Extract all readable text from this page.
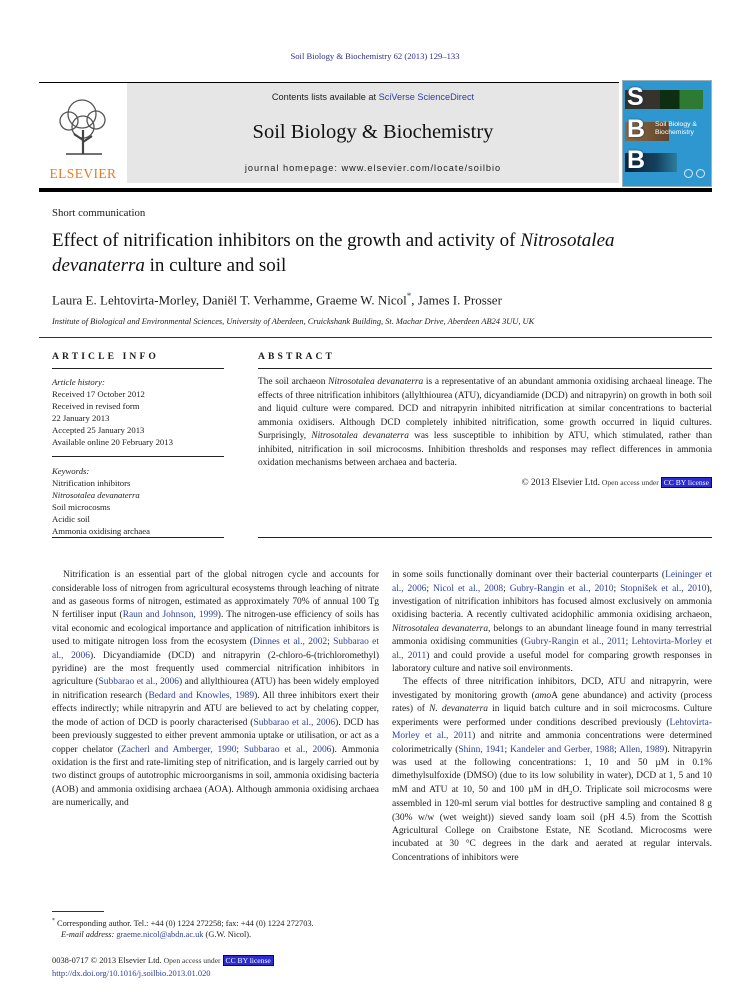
Soil Biology & Biochemistry 62 (2013) 129–133
ELSEVIER
Contents lists available at SciVerse ScienceDirect
Soil Biology & Biochemistry
journal homepage: www.elsevier.com/locate/soilbio
S
B
B
Soil Biology &
Biochemistry
Short communication
Effect of nitrification inhibitors on the growth and activity of Nitrosotalea devanaterra in culture and soil
Laura E. Lehtovirta-Morley, Daniël T. Verhamme, Graeme W. Nicol*, James I. Prosser
Institute of Biological and Environmental Sciences, University of Aberdeen, Cruickshank Building, St. Machar Drive, Aberdeen AB24 3UU, UK
ARTICLE INFO
Article history:
Received 17 October 2012
Received in revised form
22 January 2013
Accepted 25 January 2013
Available online 20 February 2013
Keywords:
Nitrification inhibitors
Nitrosotalea devanaterra
Soil microcosms
Acidic soil
Ammonia oxidising archaea
ABSTRACT
The soil archaeon Nitrosotalea devanaterra is a representative of an abundant ammonia oxidising archaeal lineage. The effects of three nitrification inhibitors (allylthiourea (ATU), dicyandiamide (DCD) and nitrapyrin) on growth in both soil and liquid culture were compared. DCD and nitrapyrin inhibited nitrification at similar concentrations to bacterial ammonia oxidisers. Although DCD completely inhibited nitrification, some growth occurred in liquid cultures. Surprisingly, Nitrosotalea devanaterra was less susceptible to inhibition by ATU, which stimulated, rather than inhibited, nitrification in soil microcosms. Inhibition thresholds and responses may reflect differences in ammonia oxidation mechanisms between archaea and bacteria.
© 2013 Elsevier Ltd. Open access under CC BY license

Nitrification is an essential part of the global nitrogen cycle and accounts for considerable loss of nitrogen from agricultural ecosystems through leaching of nitrate and as gaseous forms of nitrogen, estimated as approximately 70% of annual 100 Tg N fertiliser input (Raun and Johnson, 1999). The nitrogen-use efficiency of soils has vital economic and ecological importance and application of nitrification inhibitors is used to mitigate nitrogen loss from the ecosystem (Dinnes et al., 2002; Subbarao et al., 2006). Dicyandiamide (DCD) and nitrapyrin (2-chloro-6-(trichloromethyl) pyridine) are the most frequently used commercial nitrification inhibitors in agriculture (Subbarao et al., 2006) and allylthiourea (ATU) has been widely employed in nitrification research (Bedard and Knowles, 1989). All three inhibitors exert their effects indirectly; while nitrapyrin and ATU are believed to act by chelating copper, the mode of action of DCD is poorly characterised (Subbarao et al., 2006). DCD has been previously suggested to either prevent ammonia uptake or utilisation, or act as a copper chelator (Zacherl and Amberger, 1990; Subbarao et al., 2006). Ammonia oxidation is the first and rate-limiting step of nitrification, and is largely carried out by two distinct groups of autotrophic microorganisms in soil, ammonia oxidising bacteria (AOB) and ammonia oxidising archaea (AOA). Although ammonia oxidising archaea are numerically, and

* Corresponding author. Tel.: +44 (0) 1224 272258; fax: +44 (0) 1224 272703.
E-mail address: graeme.nicol@abdn.ac.uk (G.W. Nicol).

in some soils functionally dominant over their bacterial counterparts (Leininger et al., 2006; Nicol et al., 2008; Gubry-Rangin et al., 2010; Stopnišek et al., 2010), investigation of nitrification inhibitors has focused almost exclusively on ammonia oxidising bacteria. A recently cultivated acidophilic ammonia oxidising archaeon, Nitrosotalea devanaterra, belongs to an abundant lineage found in many terrestrial ammonia oxidising communities (Gubry-Rangin et al., 2011; Lehtovirta-Morley et al., 2011) and could provide a useful model for comparing growth responses in laboratory culture and native soil environments.

The effects of three nitrification inhibitors, DCD, ATU and nitrapyrin, were investigated by monitoring growth (amoA gene abundance) and activity (process rates) of N. devanaterra in liquid batch culture and in soil microcosms. Culture experiments were performed under conditions described previously (Lehtovirta-Morley et al., 2011) and nitrite and ammonia concentrations were determined colorimetrically (Shinn, 1941; Kandeler and Gerber, 1988; Allen, 1989). Nitrapyrin was used at the following concentrations: 1, 10 and 50 µM in 0.1% dimethylsulfoxide (DMSO) (due to its low solubility in water), DCD at 1, 5 and 10 mM and ATU at 10, 50 and 100 µM in $dH_2O$. Triplicate soil microcosms were assembled in 120-ml serum vial bottles for destructive sampling and contained 8 g (30% w/w (wet weight)) sieved sandy loam soil (pH 4.5) from the Scottish Agricultural College on Craibstone Estate, NE Scotland. Microcosms were incubated at 30 °C degrees in the dark and aerated at regular intervals. Concentrations of inhibitors were

0038-0717 © 2013 Elsevier Ltd. Open access under CC BY license
http://dx.doi.org/10.1016/j.soilbio.2013.01.020
